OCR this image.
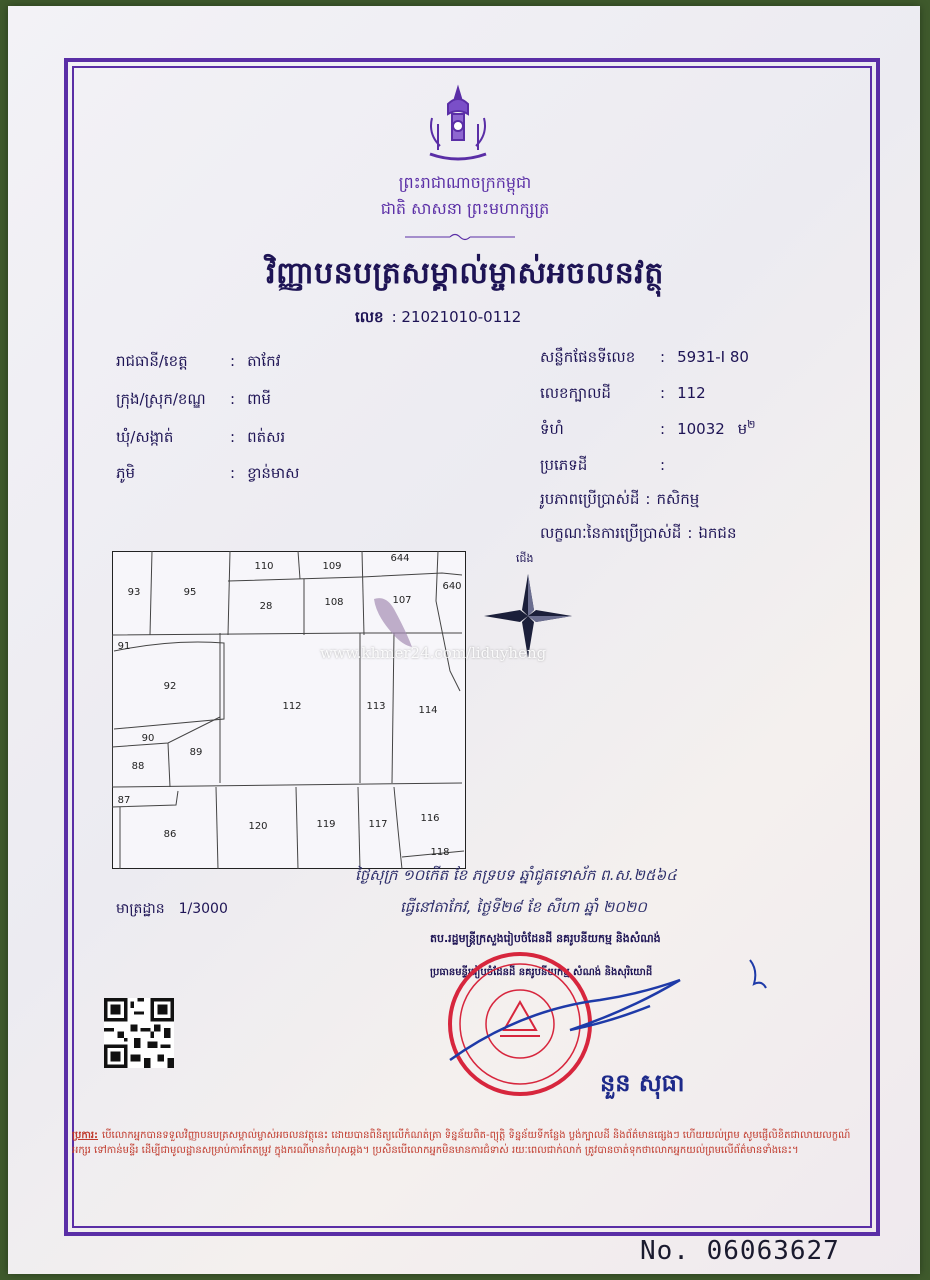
ព្រះរាជាណាចក្រកម្ពុជា
ជាតិ សាសនា ព្រះមហាក្សត្រ
វិញ្ញាបនបត្រសម្គាល់ម្ចាស់អចលនវត្ថុ
លេខ : 21021010-0112
រាជធានី/ខេត្ត	: តាកែវ
ក្រុង/ស្រុក/ខណ្ឌ : ពាមី
ឃុំ/សង្កាត់	: ពត់សរ
ភូមិ	: ខ្វាន់មាស
សន្លឹកផែនទីលេខ : 5931-I 80
លេខក្បាលដី	: 112
ទំហំ	: 10032 ម$^២$
ប្រភេទដី	:
រូបភាពប្រើប្រាស់ដី : កសិកម្ម
លក្ខណៈនៃការប្រើប្រាស់ដី : ឯកជន
93	95
110	109
644
640
28	108	107
91
92
112	113	114
90
89
88
87
86
120	119	117
116
118
ជើង
www.khmer24.com/liduyheng
មាត្រដ្ឋាន 1/3000
ថ្ងៃសុក្រ ១០កើត ខែ ភទ្របទ ឆ្នាំជូតទោស័ក ព.ស.២៥៦៤
ធ្វើនៅតាកែវ, ថ្ងៃទី២៨ ខែ សីហា ឆ្នាំ ២០២០
តប.រដ្ឋមន្ត្រីក្រសួងរៀបចំដែនដី នគរូបនីយកម្ម និងសំណង់
ប្រធានមន្ទីររៀបចំដែនដី នគរូបនីយកម្ម សំណង់ និងសុរិយោដី
នួន សុធា
ប្រការ: បើលោកអ្នកបានទទួលវិញ្ញាបនបត្រសម្គាល់ម្ចាស់អចលនវត្ថុនេះ ដោយបានពិនិត្យលើកំណត់ត្រា ទិន្នន័យពិត-ព្យុត្តិ ទិន្នន័យទីកន្លែង ប្លង់ក្បាលដី និងព័ត៌មានផ្សេងៗ ហើយយល់ព្រម សូមផ្ញើលិខិតជាលាយលក្ខណ៍អក្សរ ទៅកាន់មន្ទីរ ដើម្បីជាមូលដ្ឋានសម្រាប់ការកែតម្រូវ ក្នុងករណីមានកំហុសឆ្គង។ ប្រសិនបើលោកអ្នកមិនមានការជំទាស់ រយៈពេលជាក់លាក់ ត្រូវបានចាត់ទុកថាលោកអ្នកយល់ព្រមលើព័ត៌មានទាំងនេះ។
No. 06063627
